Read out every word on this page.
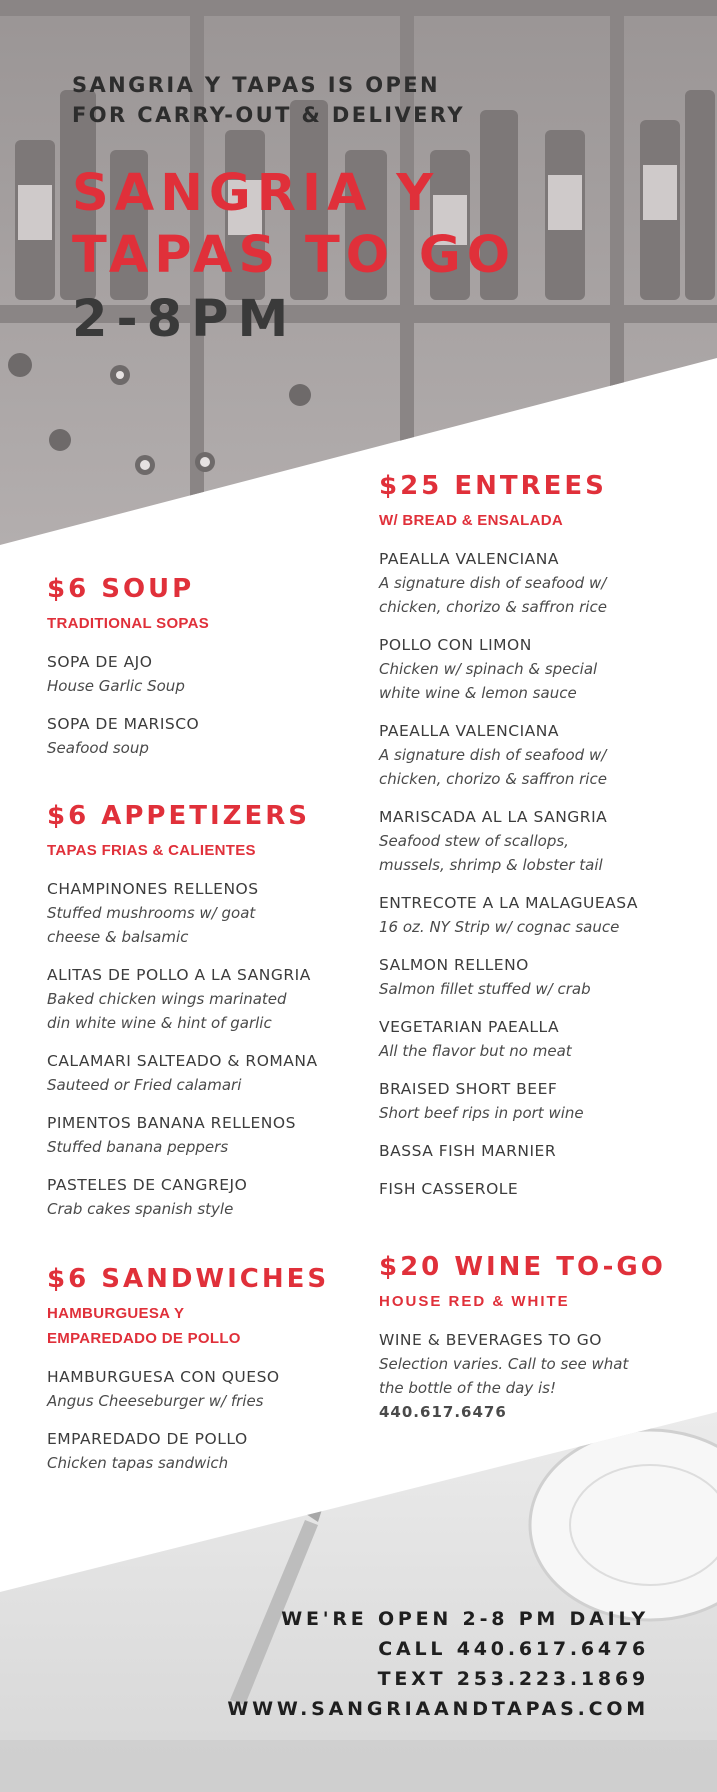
SANGRIA Y TAPAS IS OPEN
FOR CARRY-OUT & DELIVERY
SANGRIA Y
TAPAS TO GO
2-8PM
$6 SOUP
TRADITIONAL SOPAS
SOPA DE AJO
House Garlic Soup
SOPA DE MARISCO
Seafood soup
$6 APPETIZERS
TAPAS FRIAS & CALIENTES
CHAMPINONES RELLENOS
Stuffed mushrooms w/ goat
cheese & balsamic
ALITAS DE POLLO A LA SANGRIA
Baked chicken wings marinated
din white wine & hint of garlic
CALAMARI SALTEADO & ROMANA
Sauteed or Fried calamari
PIMENTOS BANANA RELLENOS
Stuffed banana peppers
PASTELES DE CANGREJO
Crab cakes spanish style
$6 SANDWICHES
HAMBURGUESA Y
EMPAREDADO DE POLLO
HAMBURGUESA CON QUESO
Angus Cheeseburger w/ fries
EMPAREDADO DE POLLO
Chicken tapas sandwich
$25 ENTREES
W/ BREAD & ENSALADA
PAEALLA VALENCIANA
A signature dish of seafood w/
chicken, chorizo & saffron rice
POLLO CON LIMON
Chicken w/ spinach & special
white wine & lemon sauce
PAEALLA VALENCIANA
A signature dish of seafood w/
chicken, chorizo & saffron rice
MARISCADA AL LA SANGRIA
Seafood stew of scallops,
mussels, shrimp & lobster tail
ENTRECOTE A LA MALAGUEASA
16 oz. NY Strip w/ cognac sauce
SALMON RELLENO
Salmon fillet stuffed w/ crab
VEGETARIAN PAEALLA
All the flavor but no meat
BRAISED SHORT BEEF
Short beef rips in port wine
BASSA FISH MARNIER
FISH CASSEROLE
$20 WINE TO-GO
HOUSE RED & WHITE
WINE & BEVERAGES TO GO
Selection varies. Call to see what
the bottle of the day is!
440.617.6476
WE'RE OPEN 2-8 PM DAILY
CALL 440.617.6476
TEXT 253.223.1869
WWW.SANGRIAANDTAPAS.COM
